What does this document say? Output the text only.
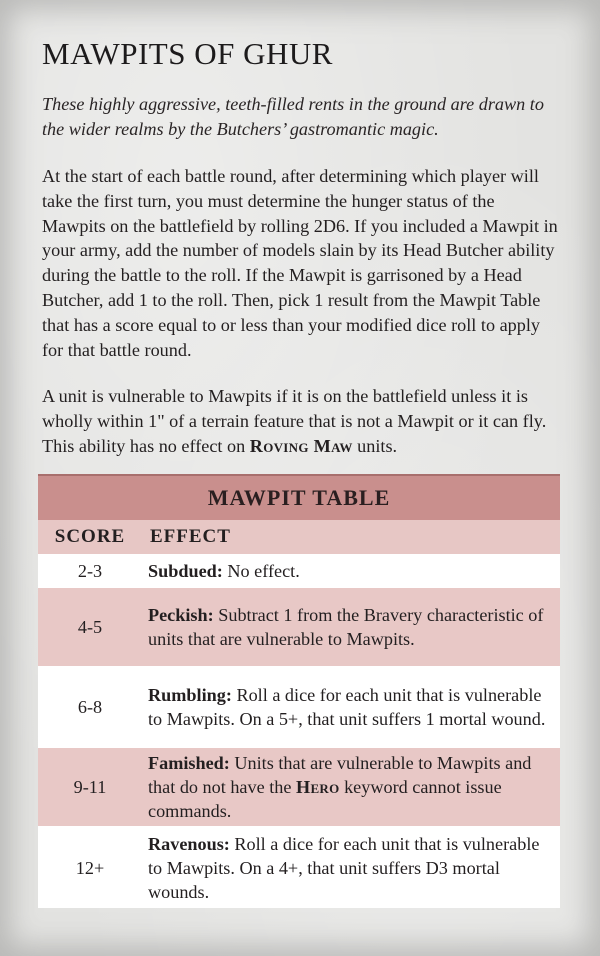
MAWPITS OF GHUR

These highly aggressive, teeth-filled rents in the ground are drawn to the wider realms by the Butchers’ gastromantic magic.

At the start of each battle round, after determining which player will take the first turn, you must determine the hunger status of the Mawpits on the battlefield by rolling 2D6. If you included a Mawpit in your army, add the number of models slain by its Head Butcher ability during the battle to the roll. If the Mawpit is garrisoned by a Head Butcher, add 1 to the roll. Then, pick 1 result from the Mawpit Table that has a score equal to or less than your modified dice roll to apply for that battle round.

A unit is vulnerable to Mawpits if it is on the battlefield unless it is wholly within 1" of a terrain feature that is not a Mawpit or it can fly. This ability has no effect on Roving Maw units.

MAWPIT TABLE
SCORE	EFFECT
2-3	Subdued: No effect.
4-5
Peckish: Subtract 1 from the Bravery characteristic of units that are vulnerable to Mawpits.
6-8
Rumbling: Roll a dice for each unit that is vulnerable to Mawpits. On a 5+, that unit suffers 1 mortal wound.
9-11
Famished: Units that are vulnerable to Mawpits and that do not have the Hero keyword cannot issue commands.
12+
Ravenous: Roll a dice for each unit that is vulnerable to Mawpits. On a 4+, that unit suffers D3 mortal wounds.
